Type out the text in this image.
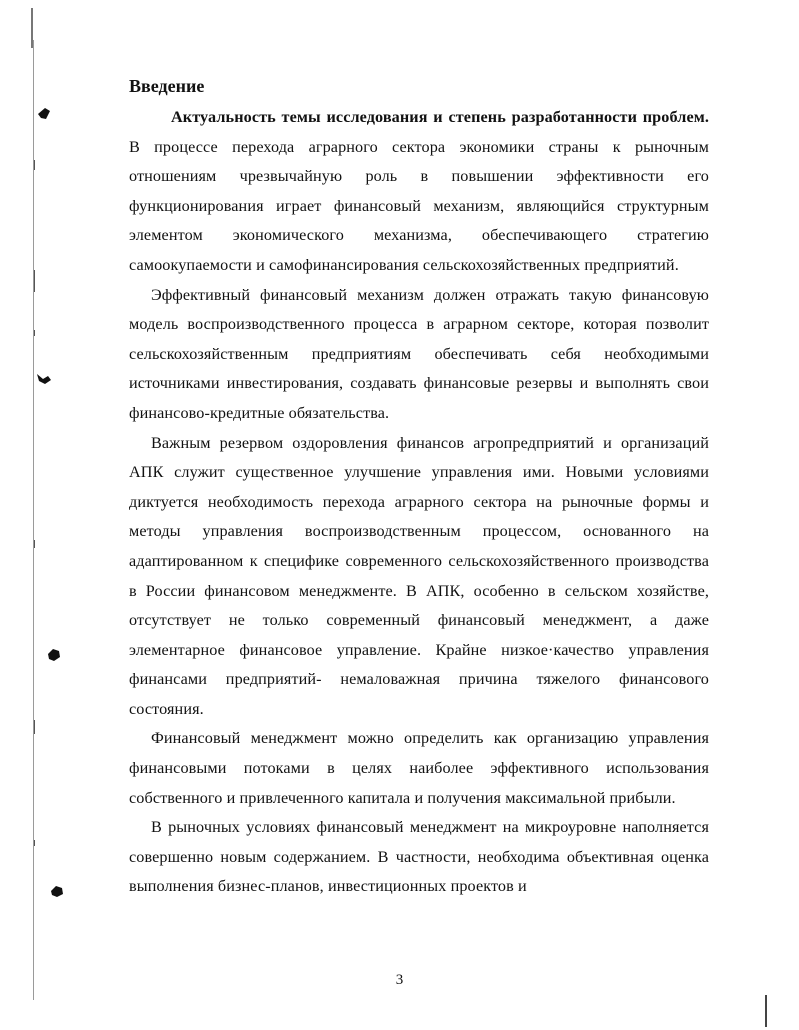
Введение

Актуальность темы исследования и степень разработанности проблем. В процессе перехода аграрного сектора экономики страны к рыночным отношениям чрезвычайную роль в повышении эффективности его функционирования играет финансовый механизм, являющийся структурным элементом экономического механизма, обеспечивающего стратегию самоокупаемости и самофинансирования сельскохозяйственных предприятий.

Эффективный финансовый механизм должен отражать такую финансовую модель воспроизводственного процесса в аграрном секторе, которая позволит сельскохозяйственным предприятиям обеспечивать себя необходимыми источниками инвестирования, создавать финансовые резервы и выполнять свои финансово-кредитные обязательства.

Важным резервом оздоровления финансов агропредприятий и организаций АПК служит существенное улучшение управления ими. Новыми условиями диктуется необходимость перехода аграрного сектора на рыночные формы и методы управления воспроизводственным процессом, основанного на адаптированном к специфике современного сельскохозяйственного производства в России финансовом менеджменте. В АПК, особенно в сельском хозяйстве, отсутствует не только современный финансовый менеджмент, а даже элементарное финансовое управление. Крайне низкое·качество управления финансами предприятий- немаловажная причина тяжелого финансового состояния.

Финансовый менеджмент можно определить как организацию управления финансовыми потоками в целях наиболее эффективного использования собственного и привлеченного капитала и получения максимальной прибыли.

В рыночных условиях финансовый менеджмент на микроуровне наполняется совершенно новым содержанием. В частности, необходима объективная оценка выполнения бизнес-планов, инвестиционных проектов и

3
